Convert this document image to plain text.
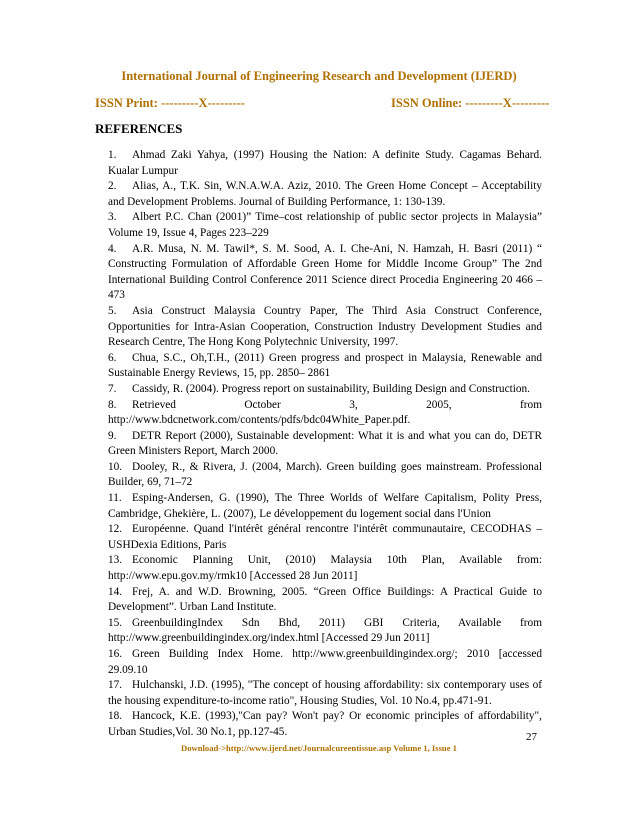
International Journal of Engineering Research and Development (IJERD)
ISSN Print: ---------X---------	ISSN Online: ---------X---------
REFERENCES
1. Ahmad Zaki Yahya, (1997) Housing the Nation: A definite Study. Cagamas Behard. Kualar Lumpur
2. Alias, A., T.K. Sin, W.N.A.W.A. Aziz, 2010. The Green Home Concept – Acceptability and Development Problems. Journal of Building Performance, 1: 130-139.
3. Albert P.C. Chan (2001)” Time–cost relationship of public sector projects in Malaysia” Volume 19, Issue 4, Pages 223–229
4. A.R. Musa, N. M. Tawil*, S. M. Sood, A. I. Che-Ani, N. Hamzah, H. Basri (2011) “ Constructing Formulation of Affordable Green Home for Middle Income Group” The 2nd International Building Control Conference 2011 Science direct Procedia Engineering 20 466 – 473
5. Asia Construct Malaysia Country Paper, The Third Asia Construct Conference, Opportunities for Intra-Asian Cooperation, Construction Industry Development Studies and Research Centre, The Hong Kong Polytechnic University, 1997.
6. Chua, S.C., Oh,T.H., (2011) Green progress and prospect in Malaysia, Renewable and Sustainable Energy Reviews, 15, pp. 2850– 2861
7. Cassidy, R. (2004). Progress report on sustainability, Building Design and Construction.
8. Retrieved October 3, 2005, from http://www.bdcnetwork.com/contents/pdfs/bdc04White_Paper.pdf.
9. DETR Report (2000), Sustainable development: What it is and what you can do, DETR Green Ministers Report, March 2000.
10. Dooley, R., & Rivera, J. (2004, March). Green building goes mainstream. Professional Builder, 69, 71–72
11. Esping-Andersen, G. (1990), The Three Worlds of Welfare Capitalism, Polity Press, Cambridge, Ghekière, L. (2007), Le développement du logement social dans l'Union
12. Européenne. Quand l'intérêt général rencontre l'intérêt communautaire, CECODHAS – USHDexia Editions, Paris
13. Economic Planning Unit, (2010) Malaysia 10th Plan, Available from: http://www.epu.gov.my/rmk10 [Accessed 28 Jun 2011]
14. Frej, A. and W.D. Browning, 2005. “Green Office Buildings: A Practical Guide to Development”. Urban Land Institute.
15. GreenbuildingIndex Sdn Bhd, 2011) GBI Criteria, Available from http://www.greenbuildingindex.org/index.html [Accessed 29 Jun 2011]
16. Green Building Index Home. http://www.greenbuildingindex.org/; 2010 [accessed 29.09.10
17. Hulchanski, J.D. (1995), "The concept of housing affordability: six contemporary uses of the housing expenditure-to-income ratio", Housing Studies, Vol. 10 No.4, pp.471-91.
18. Hancock, K.E. (1993),"Can pay? Won't pay? Or economic principles of affordability", Urban Studies,Vol. 30 No.1, pp.127-45.	27
Download->http://www.ijerd.net/Journalcureentissue.asp Volume 1, Issue 1
